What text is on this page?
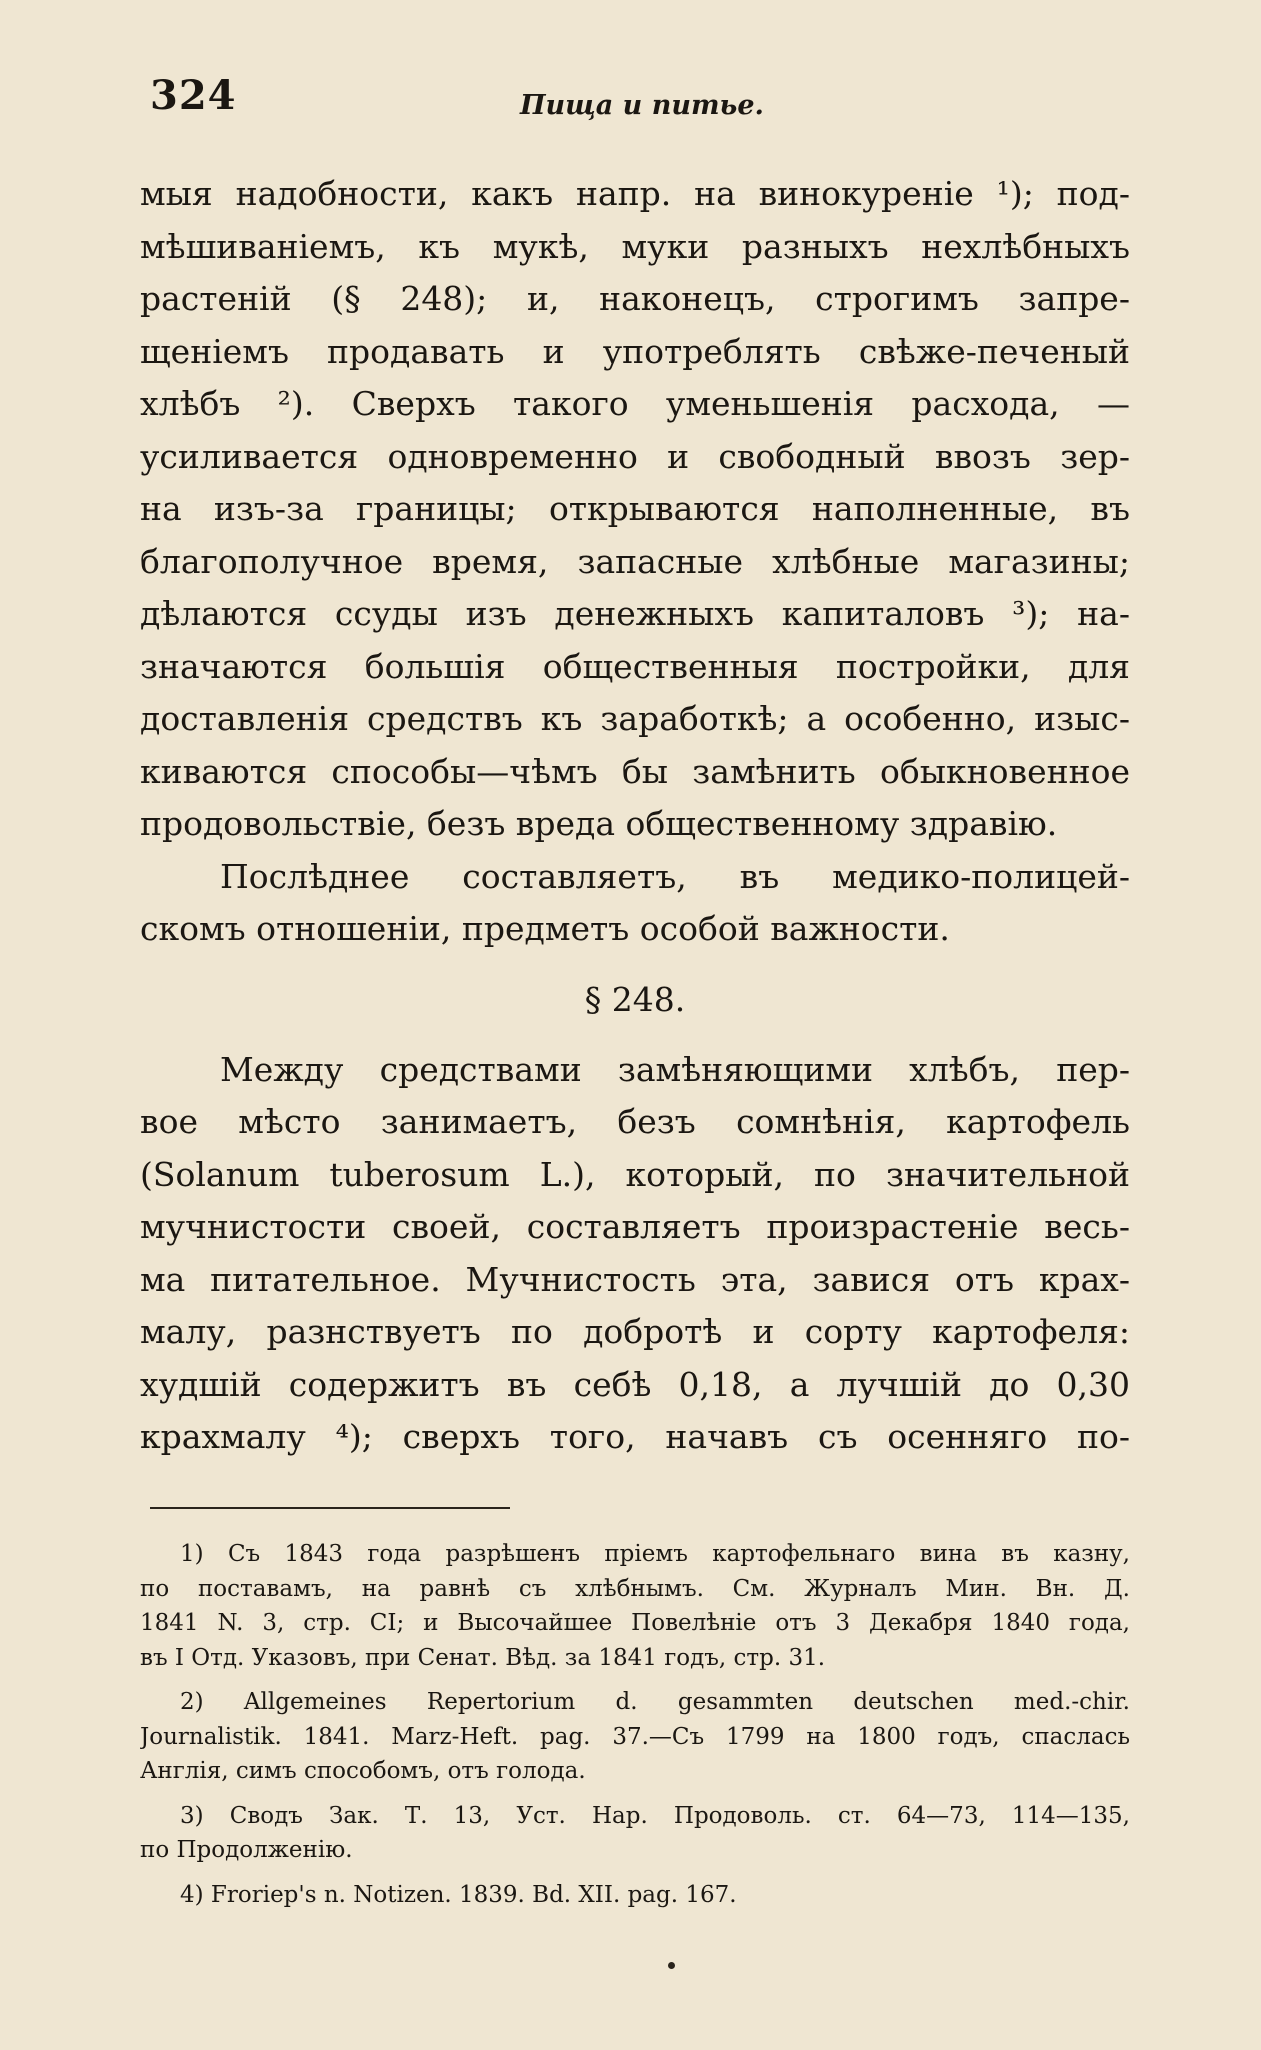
324	Пища и питье.
мыя надобности, какъ напр. на винокуреніе ¹); под-
мѣшиваніемъ, къ мукѣ, муки разныхъ нехлѣбныхъ
растеній (§ 248); и, наконецъ, строгимъ запре-
щеніемъ продавать и употреблять свѣже-печеный
хлѣбъ ²). Сверхъ такого уменьшенія расхода, —
усиливается одновременно и свободный ввозъ зер-
на изъ-за границы; открываются наполненные, въ
благополучное время, запасные хлѣбные магазины;
дѣлаются ссуды изъ денежныхъ капиталовъ ³); на-
значаются большія общественныя постройки, для
доставленія средствъ къ заработкѣ; а особенно, изыс-
киваются способы—чѣмъ бы замѣнить обыкновенное
продовольствіе, безъ вреда общественному здравію.
Послѣднее составляетъ, въ медико-полицей-
скомъ отношеніи, предметъ особой важности.
§ 248.
Между средствами замѣняющими хлѣбъ, пер-
вое мѣсто занимаетъ, безъ сомнѣнія, картофель
(Solanum tuberosum L.), который, по значительной
мучнистости своей, составляетъ произрастеніе весь-
ма питательное. Мучнистость эта, завися отъ крах-
малу, разнствуетъ по добротѣ и сорту картофеля:
худшій содержитъ въ себѣ 0,18, а лучшій до 0,30
крахмалу ⁴); сверхъ того, начавъ съ осенняго по-
1) Съ 1843 года разрѣшенъ пріемъ картофельнаго вина въ казну,
по поставамъ, на равнѣ съ хлѣбнымъ. См. Журналъ Мин. Вн. Д.
1841 N. 3, стр. CI; и Высочайшее Повелѣніе отъ 3 Декабря 1840 года,
въ I Отд. Указовъ, при Сенат. Вѣд. за 1841 годъ, стр. 31.
2) Allgemeines Repertorium d. gesammten deutschen med.-chir.
Journalistik. 1841. Marz-Heft. pag. 37.—Съ 1799 на 1800 годъ, спаслась
Англія, симъ способомъ, отъ голода.
3) Сводъ Зак. Т. 13, Уст. Нар. Продоволь. ст. 64—73, 114—135,
по Продолженію.
4) Froriep's n. Notizen. 1839. Bd. XII. pag. 167.
